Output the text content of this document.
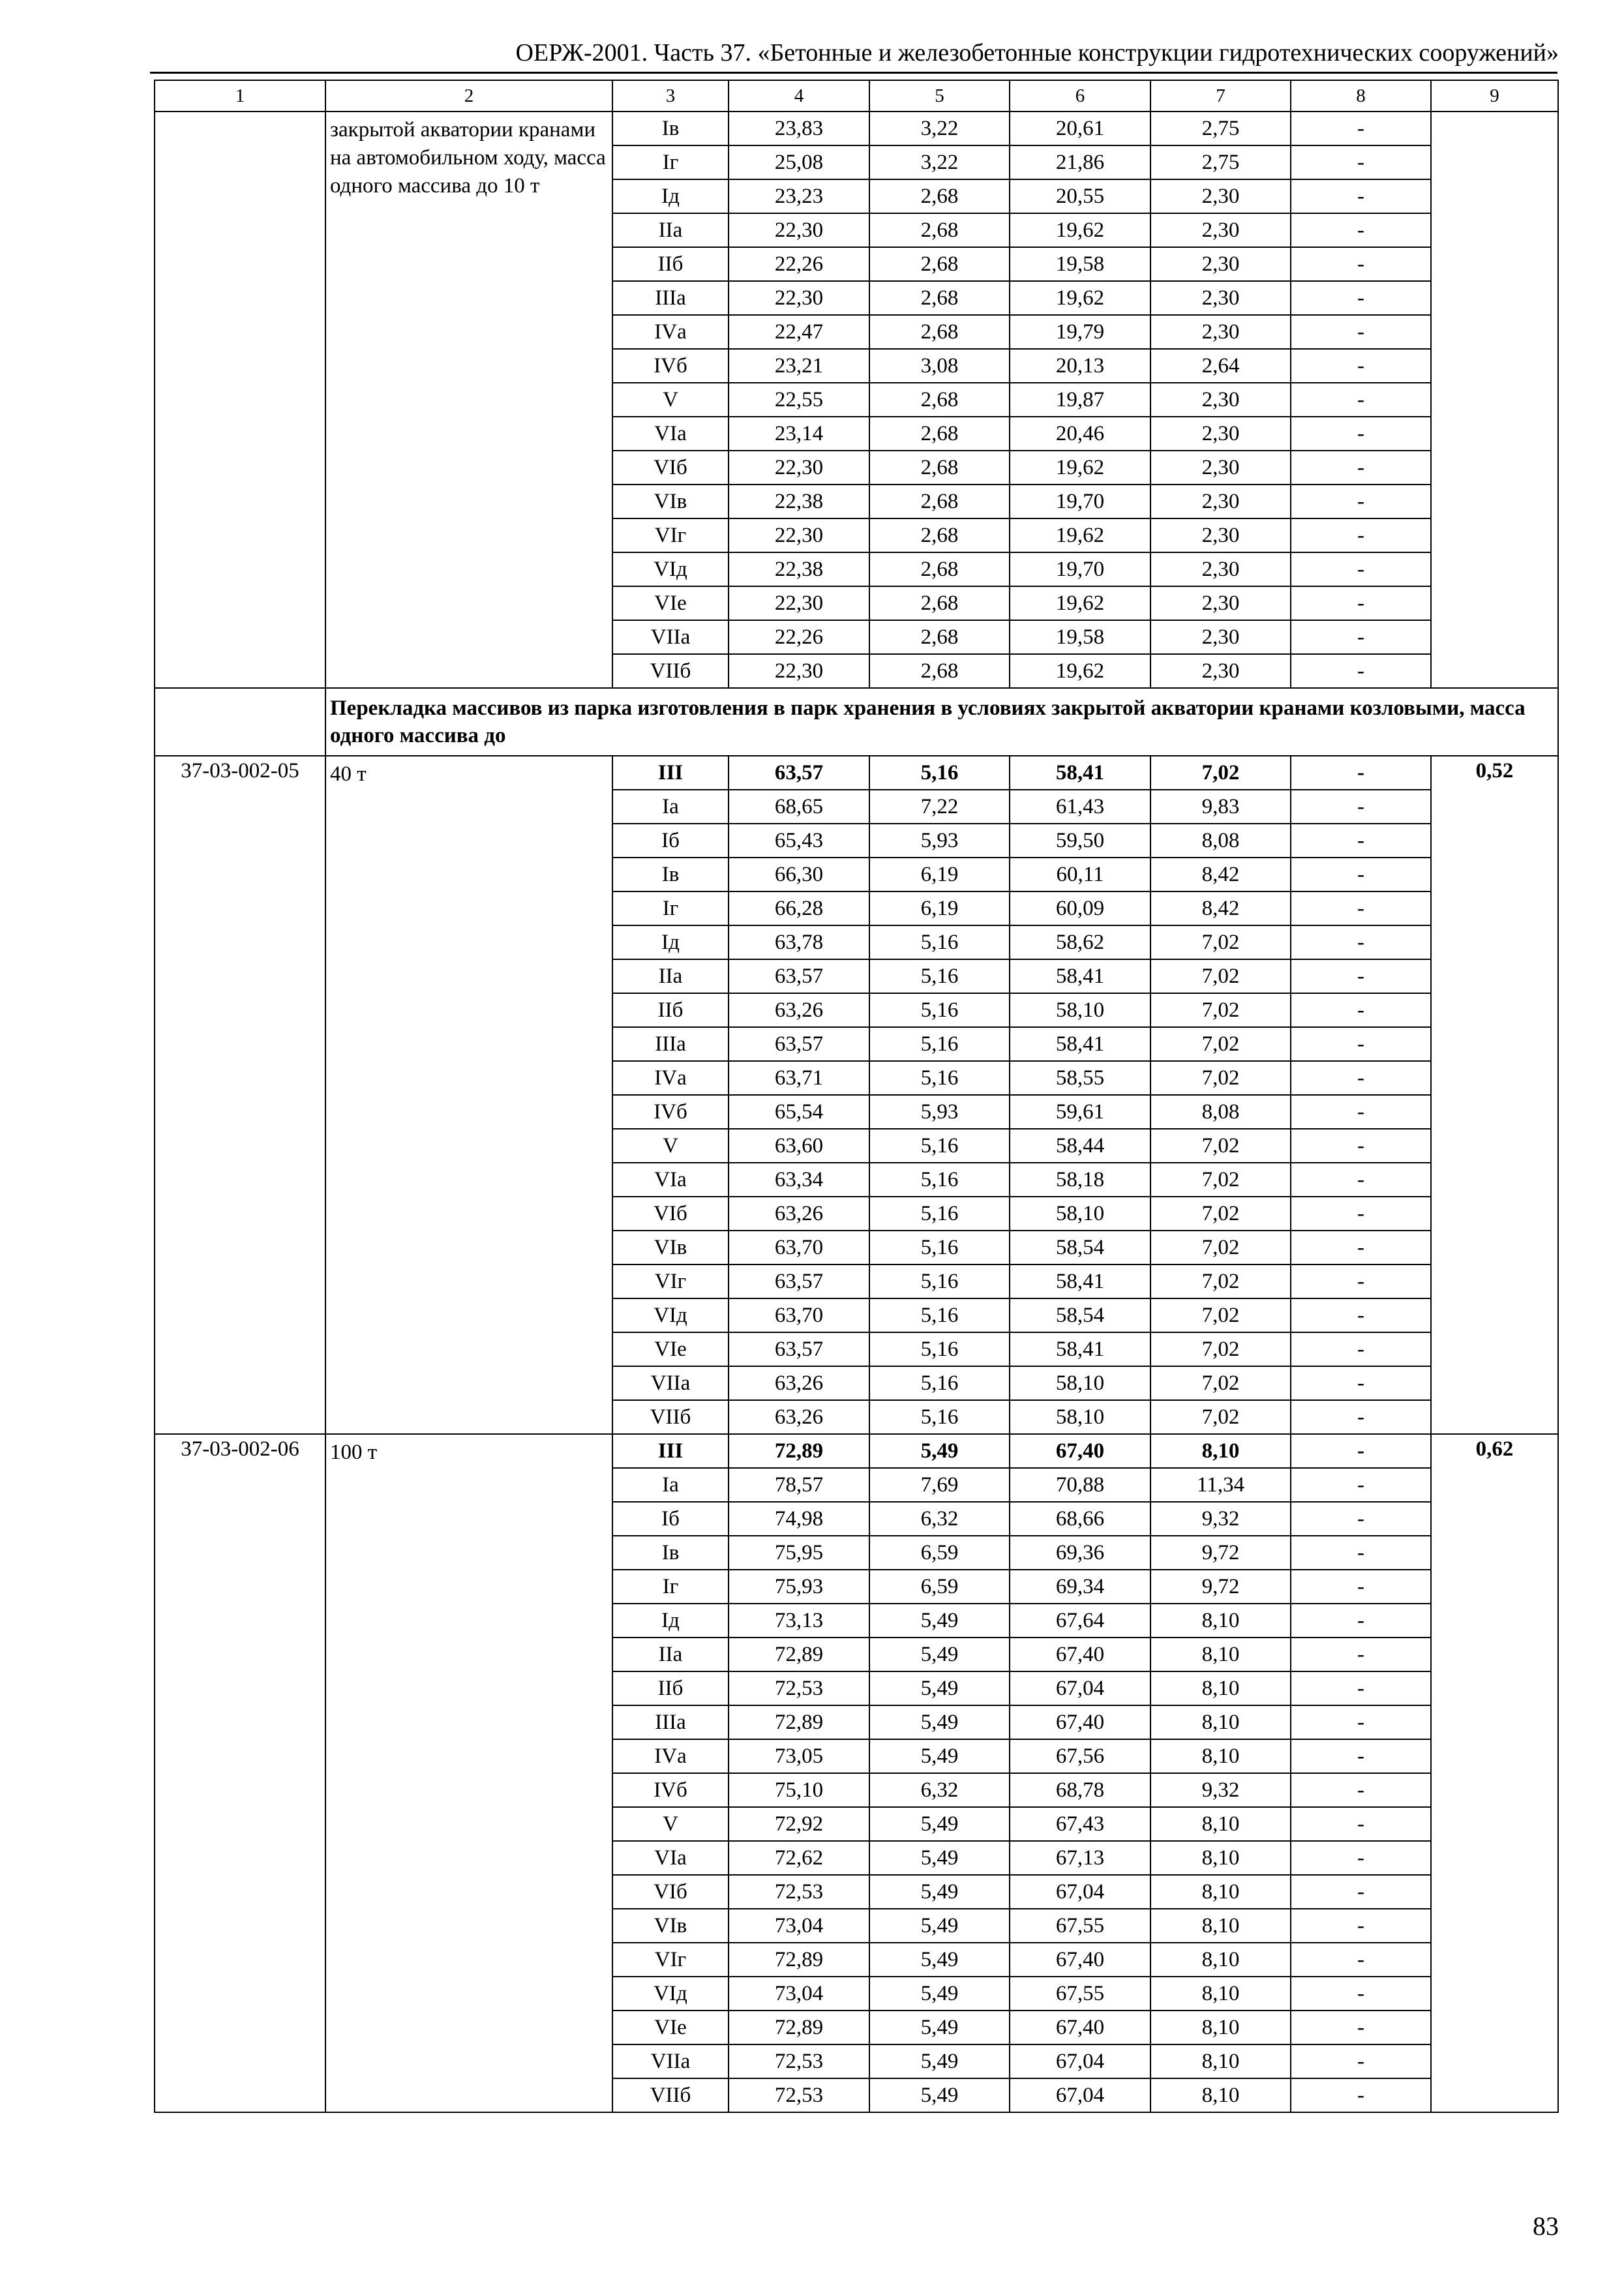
ОЕРЖ-2001. Часть 37. «Бетонные и железобетонные конструкции гидротехнических сооружений»
1	2	3	4	5	6	7	8	9
	закрытой акватории кранами на автомобильном ходу, масса одного массива до 10 т	Iв	23,83	3,22	20,61	2,75	-	
		Iг	25,08	3,22	21,86	2,75	-	
		Iд	23,23	2,68	20,55	2,30	-	
		IIа	22,30	2,68	19,62	2,30	-	
		IIб	22,26	2,68	19,58	2,30	-	
		IIIа	22,30	2,68	19,62	2,30	-	
		IVа	22,47	2,68	19,79	2,30	-	
		IVб	23,21	3,08	20,13	2,64	-	
		V	22,55	2,68	19,87	2,30	-	
		VIа	23,14	2,68	20,46	2,30	-	
		VIб	22,30	2,68	19,62	2,30	-	
		VIв	22,38	2,68	19,70	2,30	-	
		VIг	22,30	2,68	19,62	2,30	-	
		VIд	22,38	2,68	19,70	2,30	-	
		VIе	22,30	2,68	19,62	2,30	-	
		VIIа	22,26	2,68	19,58	2,30	-	
		VIIб	22,30	2,68	19,62	2,30	-	
	Перекладка массивов из парка изготовления в парк хранения в условиях закрытой акватории кранами козловыми, масса одного массива до							
37-03-002-05	40 т	III	63,57	5,16	58,41	7,02	-	0,52
		Iа	68,65	7,22	61,43	9,83	-	
		Iб	65,43	5,93	59,50	8,08	-	
		Iв	66,30	6,19	60,11	8,42	-	
		Iг	66,28	6,19	60,09	8,42	-	
		Iд	63,78	5,16	58,62	7,02	-	
		IIа	63,57	5,16	58,41	7,02	-	
		IIб	63,26	5,16	58,10	7,02	-	
		IIIа	63,57	5,16	58,41	7,02	-	
		IVа	63,71	5,16	58,55	7,02	-	
		IVб	65,54	5,93	59,61	8,08	-	
		V	63,60	5,16	58,44	7,02	-	
		VIа	63,34	5,16	58,18	7,02	-	
		VIб	63,26	5,16	58,10	7,02	-	
		VIв	63,70	5,16	58,54	7,02	-	
		VIг	63,57	5,16	58,41	7,02	-	
		VIд	63,70	5,16	58,54	7,02	-	
		VIе	63,57	5,16	58,41	7,02	-	
		VIIа	63,26	5,16	58,10	7,02	-	
		VIIб	63,26	5,16	58,10	7,02	-	
37-03-002-06	100 т	III	72,89	5,49	67,40	8,10	-	0,62
		Iа	78,57	7,69	70,88	11,34	-	
		Iб	74,98	6,32	68,66	9,32	-	
		Iв	75,95	6,59	69,36	9,72	-	
		Iг	75,93	6,59	69,34	9,72	-	
		Iд	73,13	5,49	67,64	8,10	-	
		IIа	72,89	5,49	67,40	8,10	-	
		IIб	72,53	5,49	67,04	8,10	-	
		IIIа	72,89	5,49	67,40	8,10	-	
		IVа	73,05	5,49	67,56	8,10	-	
		IVб	75,10	6,32	68,78	9,32	-	
		V	72,92	5,49	67,43	8,10	-	
		VIа	72,62	5,49	67,13	8,10	-	
		VIб	72,53	5,49	67,04	8,10	-	
		VIв	73,04	5,49	67,55	8,10	-	
		VIг	72,89	5,49	67,40	8,10	-	
		VIд	73,04	5,49	67,55	8,10	-	
		VIе	72,89	5,49	67,40	8,10	-	
		VIIа	72,53	5,49	67,04	8,10	-	
		VIIб	72,53	5,49	67,04	8,10	-	
83
